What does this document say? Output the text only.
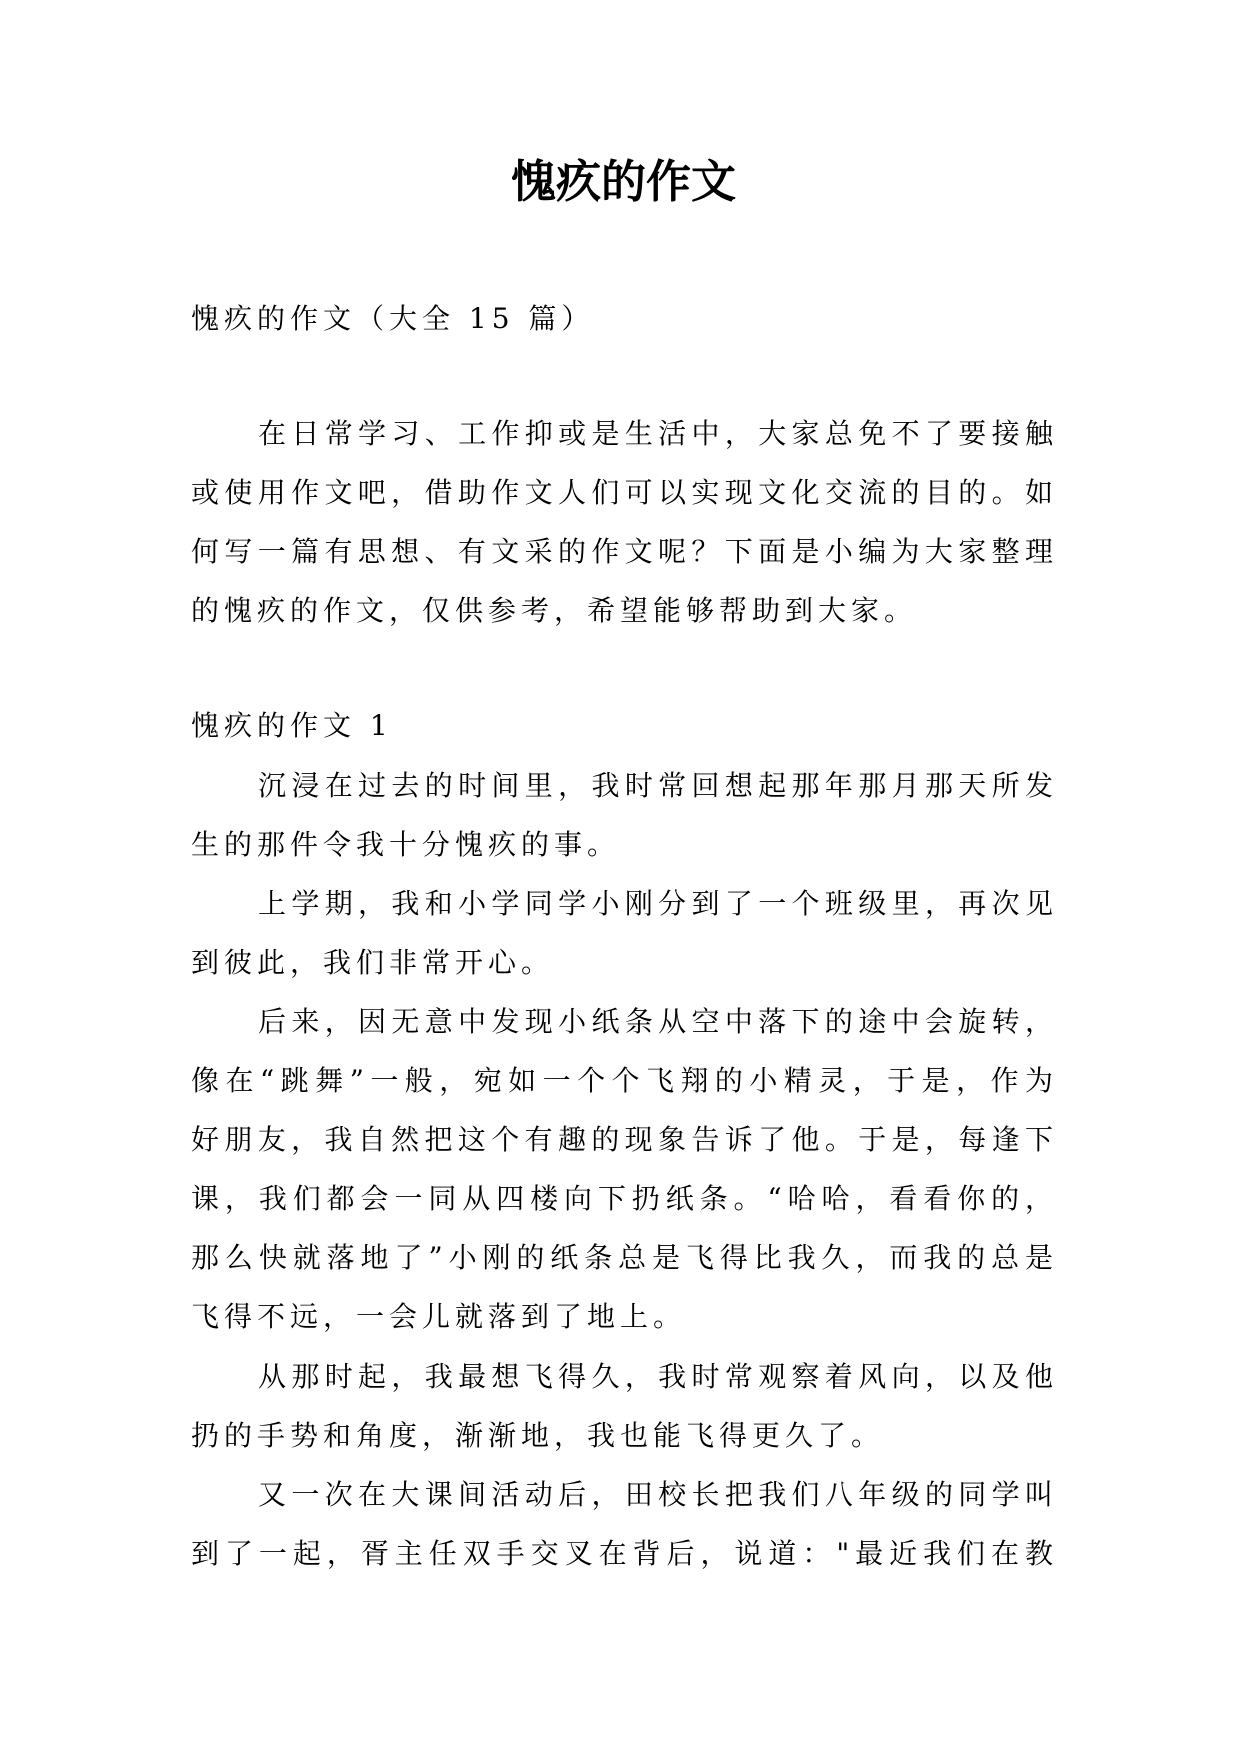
愧疚的作文
愧疚的作文（大全 15 篇）
在日常学习、工作抑或是生活中，大家总免不了要接触
或使用作文吧，借助作文人们可以实现文化交流的目的。如
何写一篇有思想、有文采的作文呢？下面是小编为大家整理
的愧疚的作文，仅供参考，希望能够帮助到大家。
愧疚的作文 1
沉浸在过去的时间里，我时常回想起那年那月那天所发
生的那件令我十分愧疚的事。
上学期，我和小学同学小刚分到了一个班级里，再次见
到彼此，我们非常开心。
后来，因无意中发现小纸条从空中落下的途中会旋转，
像在“跳舞”一般，宛如一个个飞翔的小精灵，于是，作为
好朋友，我自然把这个有趣的现象告诉了他。于是，每逢下
课，我们都会一同从四楼向下扔纸条。“哈哈，看看你的，
那么快就落地了”小刚的纸条总是飞得比我久，而我的总是
飞得不远，一会儿就落到了地上。
从那时起，我最想飞得久，我时常观察着风向，以及他
扔的手势和角度，渐渐地，我也能飞得更久了。
又一次在大课间活动后，田校长把我们八年级的同学叫
到了一起，胥主任双手交叉在背后，说道："最近我们在教
